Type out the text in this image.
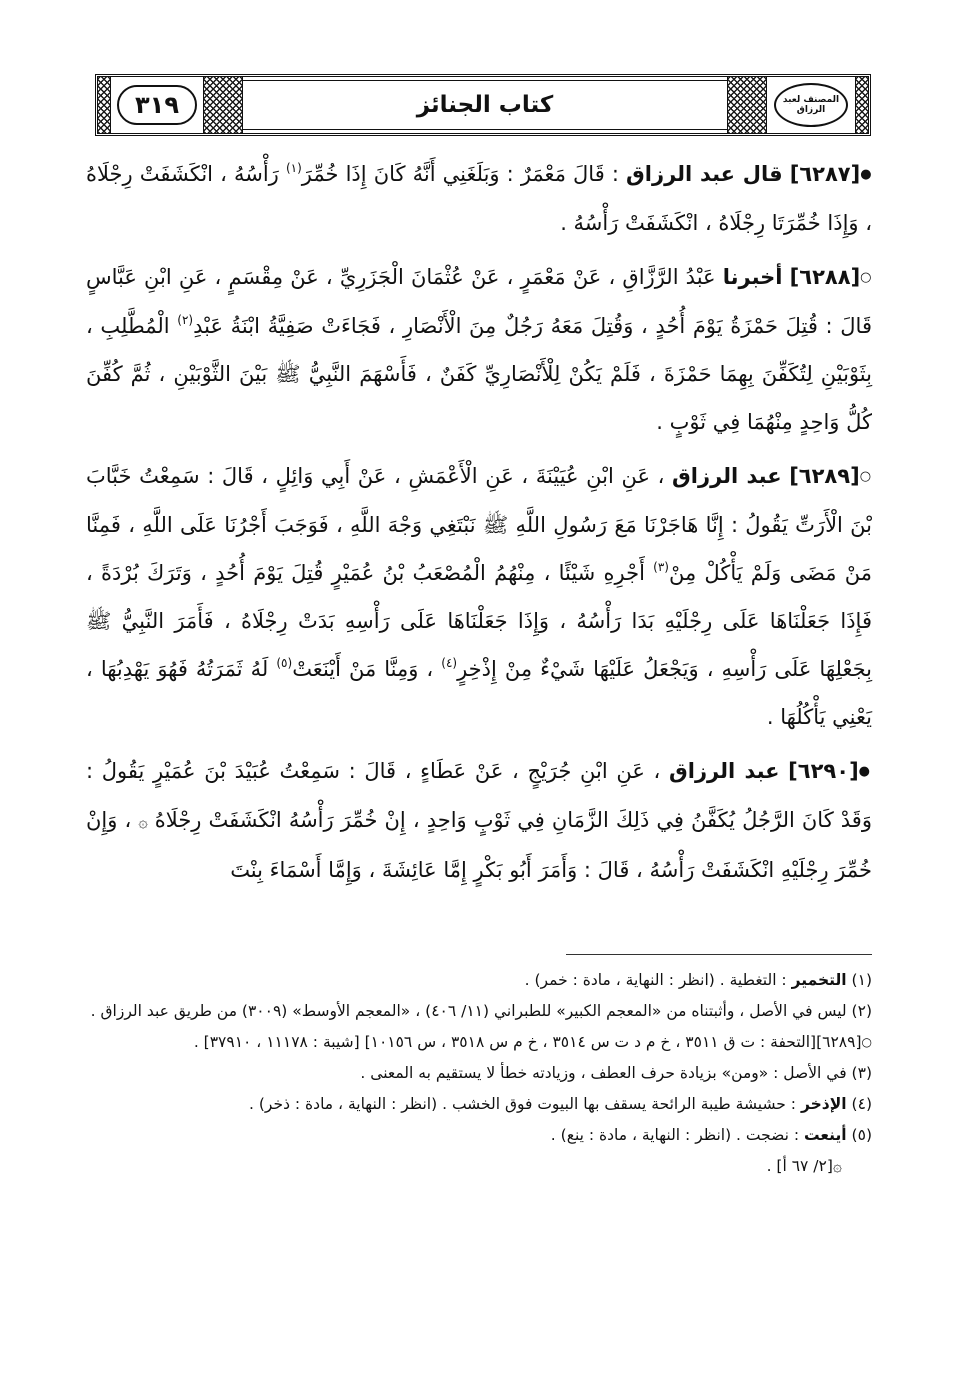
٣١٩	كتاب الجنائز	المصنف لعبد الرزاق

●[٦٢٨٧] قال عبد الرزاق : قَالَ مَعْمَرٌ : وَبَلَغَنِي أَنَّهُ كَانَ إِذَا خُمِّرَ$^{(١)}$ رَأْسُهُ ، انْكَشَفَتْ رِجْلَاهُ ، وَإِذَا خُمِّرَتَا رِجْلَاهُ ، انْكَشَفَتْ رَأْسُهُ .

○[٦٢٨٨] أخبرنا عَبْدُ الرَّزَّاقِ ، عَنْ مَعْمَرٍ ، عَنْ عُثْمَانَ الْجَزَرِيِّ ، عَنْ مِقْسَمٍ ، عَنِ ابْنِ عَبَّاسٍ قَالَ : قُتِلَ حَمْزَةُ يَوْمَ أُحُدٍ ، وَقُتِلَ مَعَهُ رَجُلٌ مِنَ الْأَنْصَارِ ، فَجَاءَتْ صَفِيَّةُ ابْنَةُ عَبْدِ$^{(٢)}$ الْمُطَّلِبِ ، بِثَوْبَيْنِ لِتُكَفِّنَ بِهِمَا حَمْزَةَ ، فَلَمْ يَكُنْ لِلْأَنْصَارِيِّ كَفَنٌ ، فَأَسْهَمَ النَّبِيُّ ﷺ بَيْنَ الثَّوْبَيْنِ ، ثُمَّ كُفِّنَ كُلُّ وَاحِدٍ مِنْهُمَا فِي ثَوْبٍ .

○[٦٢٨٩] عبد الرزاق ، عَنِ ابْنِ عُيَيْنَةَ ، عَنِ الْأَعْمَشِ ، عَنْ أَبِي وَائِلٍ ، قَالَ : سَمِعْتُ خَبَّابَ بْنَ الْأَرَتِّ يَقُولُ : إِنَّا هَاجَرْنَا مَعَ رَسُولِ اللَّهِ ﷺ نَبْتَغِي وَجْهَ اللَّهِ ، فَوَجَبَ أَجْرُنَا عَلَى اللَّهِ ، فَمِنَّا مَنْ مَضَى وَلَمْ يَأْكُلْ مِنْ$^{(٣)}$ أَجْرِهِ شَيْئًا ، مِنْهُمُ الْمُصْعَبُ بْنُ عُمَيْرٍ قُتِلَ يَوْمَ أُحُدٍ ، وَتَرَكَ بُرْدَةً ، فَإِذَا جَعَلْنَاهَا عَلَى رِجْلَيْهِ بَدَا رَأْسُهُ ، وَإِذَا جَعَلْنَاهَا عَلَى رَأْسِهِ بَدَتْ رِجْلَاهُ ، فَأَمَرَ النَّبِيُّ ﷺ بِجَعْلِهَا عَلَى رَأْسِهِ ، وَيَجْعَلُ عَلَيْهَا شَيْءٌ مِنْ إِذْخِرٍ$^{(٤)}$ ، وَمِنَّا مَنْ أَيْنَعَتْ$^{(٥)}$ لَهُ ثَمَرَتُهُ فَهُوَ يَهْدِبُهَا ، يَعْنِي يَأْكُلُهَا .

●[٦٢٩٠] عبد الرزاق ، عَنِ ابْنِ جُرَيْجٍ ، عَنْ عَطَاءٍ ، قَالَ : سَمِعْتُ عُبَيْدَ بْنَ عُمَيْرٍ يَقُولُ : وَقَدْ كَانَ الرَّجُلُ يُكَفَّنُ فِي ذَلِكَ الزَّمَانِ فِي ثَوْبٍ وَاحِدٍ ، إِنْ خُمِّرَ رَأْسُهُ انْكَشَفَتْ رِجْلَاهُ ۞ ، وَإِنْ خُمِّرَ رِجْلَيْهِ انْكَشَفَتْ رَأْسُهُ ، قَالَ : وَأَمَرَ أَبُو بَكْرٍ إِمَّا عَائِشَةَ ، وَإِمَّا أَسْمَاءَ بِنْتَ

(١) التخمير : التغطية . (انظر : النهاية ، مادة : خمر) .
(٢) ليس في الأصل ، وأثبتناه من «المعجم الكبير» للطبراني (١١/ ٤٠٦) ، «المعجم الأوسط» (٣٠٠٩) من طريق عبد الرزاق .
○[٦٢٨٩][التحفة : ت ق ٣٥١١ ، خ م د ت س ٣٥١٤ ، خ م س ٣٥١٨ ، س ١٠١٥٦] [شيبة : ١١١٧٨ ، ٣٧٩١٠] .
(٣) في الأصل : «ومن» بزيادة حرف العطف ، وزيادته خطأ لا يستقيم به المعنى .
(٤) الإذخر : حشيشة طيبة الرائحة يسقف بها البيوت فوق الخشب . (انظر : النهاية ، مادة : ذخر) .
(٥) أينعت : نضجت . (انظر : النهاية ، مادة : ينع) .
۞[٢/ ٦٧ أ] .
